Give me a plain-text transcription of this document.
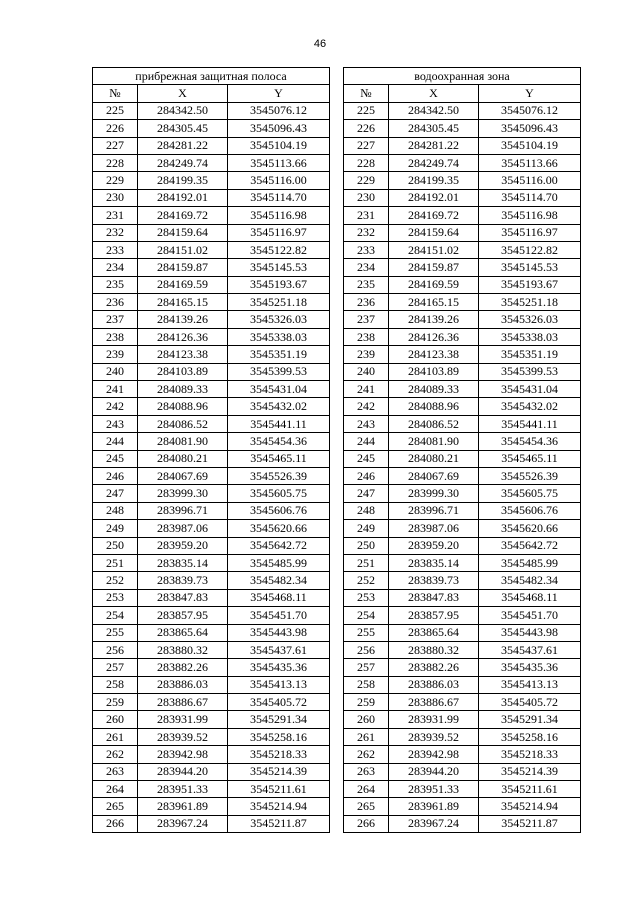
46
прибрежная защитная полоса		
№	X	Y
225	284342.50	3545076.12
226	284305.45	3545096.43
227	284281.22	3545104.19
228	284249.74	3545113.66
229	284199.35	3545116.00
230	284192.01	3545114.70
231	284169.72	3545116.98
232	284159.64	3545116.97
233	284151.02	3545122.82
234	284159.87	3545145.53
235	284169.59	3545193.67
236	284165.15	3545251.18
237	284139.26	3545326.03
238	284126.36	3545338.03
239	284123.38	3545351.19
240	284103.89	3545399.53
241	284089.33	3545431.04
242	284088.96	3545432.02
243	284086.52	3545441.11
244	284081.90	3545454.36
245	284080.21	3545465.11
246	284067.69	3545526.39
247	283999.30	3545605.75
248	283996.71	3545606.76
249	283987.06	3545620.66
250	283959.20	3545642.72
251	283835.14	3545485.99
252	283839.73	3545482.34
253	283847.83	3545468.11
254	283857.95	3545451.70
255	283865.64	3545443.98
256	283880.32	3545437.61
257	283882.26	3545435.36
258	283886.03	3545413.13
259	283886.67	3545405.72
260	283931.99	3545291.34
261	283939.52	3545258.16
262	283942.98	3545218.33
263	283944.20	3545214.39
264	283951.33	3545211.61
265	283961.89	3545214.94
266	283967.24	3545211.87
водоохранная зона		
№	X	Y
225	284342.50	3545076.12
226	284305.45	3545096.43
227	284281.22	3545104.19
228	284249.74	3545113.66
229	284199.35	3545116.00
230	284192.01	3545114.70
231	284169.72	3545116.98
232	284159.64	3545116.97
233	284151.02	3545122.82
234	284159.87	3545145.53
235	284169.59	3545193.67
236	284165.15	3545251.18
237	284139.26	3545326.03
238	284126.36	3545338.03
239	284123.38	3545351.19
240	284103.89	3545399.53
241	284089.33	3545431.04
242	284088.96	3545432.02
243	284086.52	3545441.11
244	284081.90	3545454.36
245	284080.21	3545465.11
246	284067.69	3545526.39
247	283999.30	3545605.75
248	283996.71	3545606.76
249	283987.06	3545620.66
250	283959.20	3545642.72
251	283835.14	3545485.99
252	283839.73	3545482.34
253	283847.83	3545468.11
254	283857.95	3545451.70
255	283865.64	3545443.98
256	283880.32	3545437.61
257	283882.26	3545435.36
258	283886.03	3545413.13
259	283886.67	3545405.72
260	283931.99	3545291.34
261	283939.52	3545258.16
262	283942.98	3545218.33
263	283944.20	3545214.39
264	283951.33	3545211.61
265	283961.89	3545214.94
266	283967.24	3545211.87
